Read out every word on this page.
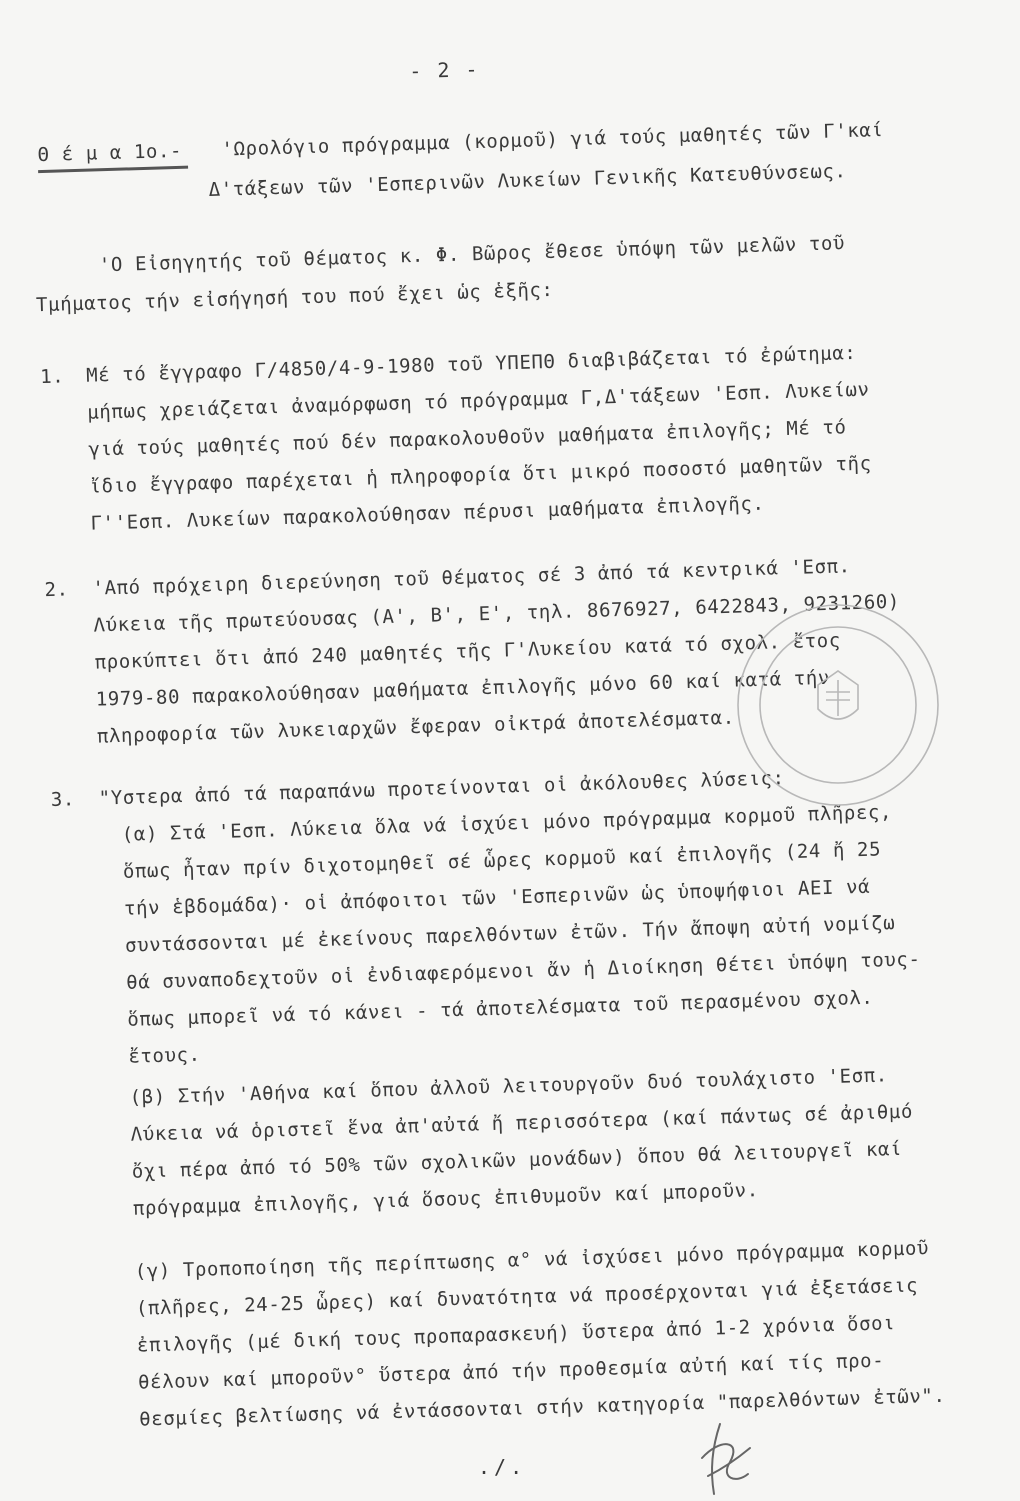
- 2 -
Θ έ μ α 1ο.- 'Ωρολόγιο πρόγραμμα (κορμοῦ) γιά τούς μαθητές τῶν Γ'καί
Δ'τάξεων τῶν 'Εσπερινῶν Λυκείων Γενικῆς Κατευθύνσεως.
'Ο Εἰσηγητής τοῦ θέματος κ. Φ. Βῶρος ἔθεσε ὑπόψη τῶν μελῶν τοῦ
Τμήματος τήν εἰσήγησή του πού ἔχει ὡς ἑξῆς:
1. Μέ τό ἔγγραφο Γ/4850/4-9-1980 τοῦ ΥΠΕΠΘ διαβιβάζεται τό ἐρώτημα:
μήπως χρειάζεται ἀναμόρφωση τό πρόγραμμα Γ,Δ'τάξεων 'Εσπ. Λυκείων
γιά τούς μαθητές πού δέν παρακολουθοῦν μαθήματα ἐπιλογῆς; Μέ τό
ἴδιο ἔγγραφο παρέχεται ἡ πληροφορία ὅτι μικρό ποσοστό μαθητῶν τῆς
Γ''Εσπ. Λυκείων παρακολούθησαν πέρυσι μαθήματα ἐπιλογῆς.
2. 'Από πρόχειρη διερεύνηση τοῦ θέματος σέ 3 ἀπό τά κεντρικά 'Εσπ.
Λύκεια τῆς πρωτεύουσας (Α', Β', Ε', τηλ. 8676927, 6422843, 9231260)
προκύπτει ὅτι ἀπό 240 μαθητές τῆς Γ'Λυκείου κατά τό σχολ. ἔτος
1979-80 παρακολούθησαν μαθήματα ἐπιλογῆς μόνο 60 καί κατά τήν
πληροφορία τῶν λυκειαρχῶν ἔφεραν οἰκτρά ἀποτελέσματα.
3. "Υστερα ἀπό τά παραπάνω προτείνονται οἱ ἀκόλουθες λύσεις:
(α) Στά 'Εσπ. Λύκεια ὅλα νά ἰσχύει μόνο πρόγραμμα κορμοῦ πλῆρες,
ὅπως ἦταν πρίν διχοτομηθεῖ σέ ὧρες κορμοῦ καί ἐπιλογῆς (24 ἤ 25
τήν ἑβδομάδα)· οἱ ἀπόφοιτοι τῶν 'Εσπερινῶν ὡς ὑποψήφιοι ΑΕΙ νά
συντάσσονται μέ ἐκείνους παρελθόντων ἐτῶν. Τήν ἄποψη αὐτή νομίζω
θά συναποδεχτοῦν οἱ ἐνδιαφερόμενοι ἄν ἡ Διοίκηση θέτει ὑπόψη τους-
ὅπως μπορεῖ νά τό κάνει - τά ἀποτελέσματα τοῦ περασμένου σχολ.
ἔτους.
(β) Στήν 'Αθήνα καί ὅπου ἀλλοῦ λειτουργοῦν δυό τουλάχιστο 'Εσπ.
Λύκεια νά ὁριστεῖ ἕνα ἀπ'αὐτά ἤ περισσότερα (καί πάντως σέ ἀριθμό
ὄχι πέρα ἀπό τό 50% τῶν σχολικῶν μονάδων) ὅπου θά λειτουργεῖ καί
πρόγραμμα ἐπιλογῆς, γιά ὅσους ἐπιθυμοῦν καί μποροῦν.
(γ) Τροποποίηση τῆς περίπτωσης α° νά ἰσχύσει μόνο πρόγραμμα κορμοῦ
(πλῆρες, 24-25 ὧρες) καί δυνατότητα νά προσέρχονται γιά ἐξετάσεις
ἐπιλογῆς (μέ δική τους προπαρασκευή) ὕστερα ἀπό 1-2 χρόνια ὅσοι
θέλουν καί μποροῦν° ὕστερα ἀπό τήν προθεσμία αὐτή καί τίς προ-
θεσμίες βελτίωσης νά ἐντάσσονται στήν κατηγορία "παρελθόντων ἐτῶν".
./.
